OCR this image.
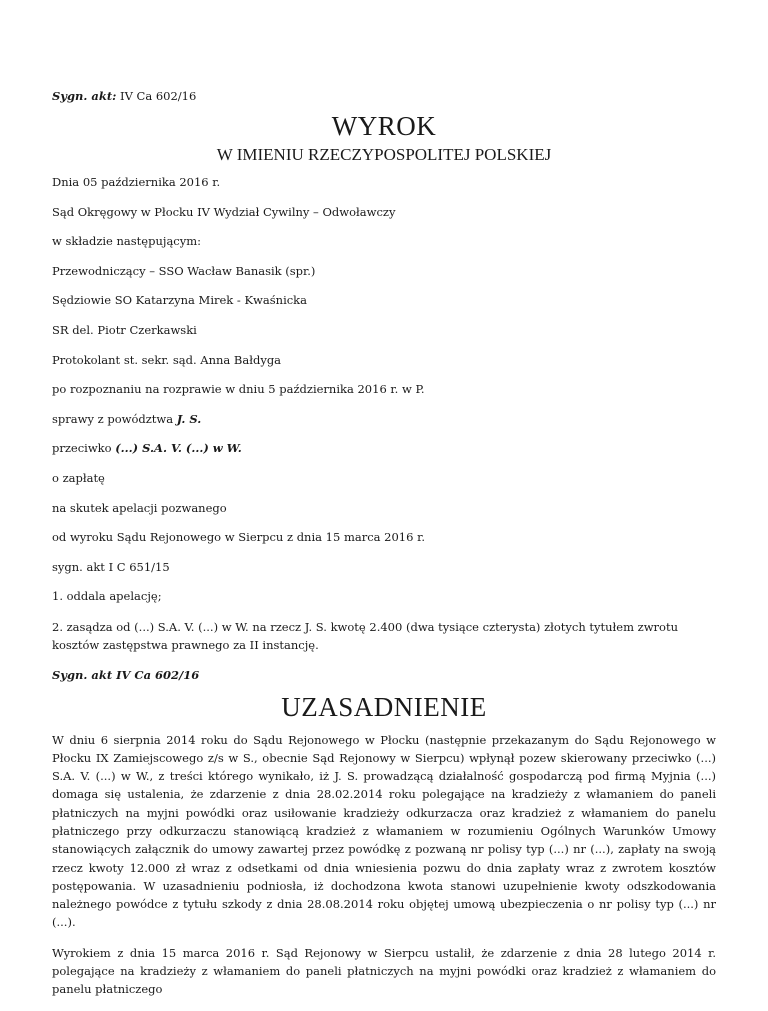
Sygn. akt: IV Ca 602/16

WYROK
W IMIENIU RZECZYPOSPOLITEJ POLSKIEJ

Dnia 05 października 2016 r.

Sąd Okręgowy w Płocku IV Wydział Cywilny – Odwoławczy

w składzie następującym:

Przewodniczący – SSO Wacław Banasik (spr.)

Sędziowie SO Katarzyna Mirek - Kwaśnicka

SR del. Piotr Czerkawski

Protokolant st. sekr. sąd. Anna Bałdyga

po rozpoznaniu na rozprawie w dniu 5 października 2016 r. w P.

sprawy z powództwa J. S.

przeciwko (...) S.A. V. (...) w W.

o zapłatę

na skutek apelacji pozwanego

od wyroku Sądu Rejonowego w Sierpcu z dnia 15 marca 2016 r.

sygn. akt I C 651/15

1. oddala apelację;

2. zasądza od (...) S.A. V. (...) w W. na rzecz J. S. kwotę 2.400 (dwa tysiące czterysta) złotych tytułem zwrotu kosztów zastępstwa prawnego za II instancję.

Sygn. akt IV Ca 602/16

UZASADNIENIE

W dniu 6 sierpnia 2014 roku do Sądu Rejonowego w Płocku (następnie przekazanym do Sądu Rejonowego w Płocku IX Zamiejscowego z/s w S., obecnie Sąd Rejonowy w Sierpcu) wpłynął pozew skierowany przeciwko (...) S.A. V. (...) w W., z treści którego wynikało, iż J. S. prowadzącą działalność gospodarczą pod firmą Myjnia (...) domaga się ustalenia, że zdarzenie z dnia 28.02.2014 roku polegające na kradzieży z włamaniem do paneli płatniczych na myjni powódki oraz usiłowanie kradzieży odkurzacza oraz kradzież z włamaniem do panelu płatniczego przy odkurzaczu stanowiącą kradzież z włamaniem w rozumieniu Ogólnych Warunków Umowy stanowiących załącznik do umowy zawartej przez powódkę z pozwaną nr polisy typ (...) nr (...), zapłaty na swoją rzecz kwoty 12.000 zł wraz z odsetkami od dnia wniesienia pozwu do dnia zapłaty wraz z zwrotem kosztów postępowania. W uzasadnieniu podniosła, iż dochodzona kwota stanowi uzupełnienie kwoty odszkodowania należnego powódce z tytułu szkody z dnia 28.08.2014 roku objętej umową ubezpieczenia o nr polisy typ (...) nr (...).

Wyrokiem z dnia 15 marca 2016 r. Sąd Rejonowy w Sierpcu ustalił, że zdarzenie z dnia 28 lutego 2014 r. polegające na kradzieży z włamaniem do paneli płatniczych na myjni powódki oraz kradzież z włamaniem do panelu płatniczego
